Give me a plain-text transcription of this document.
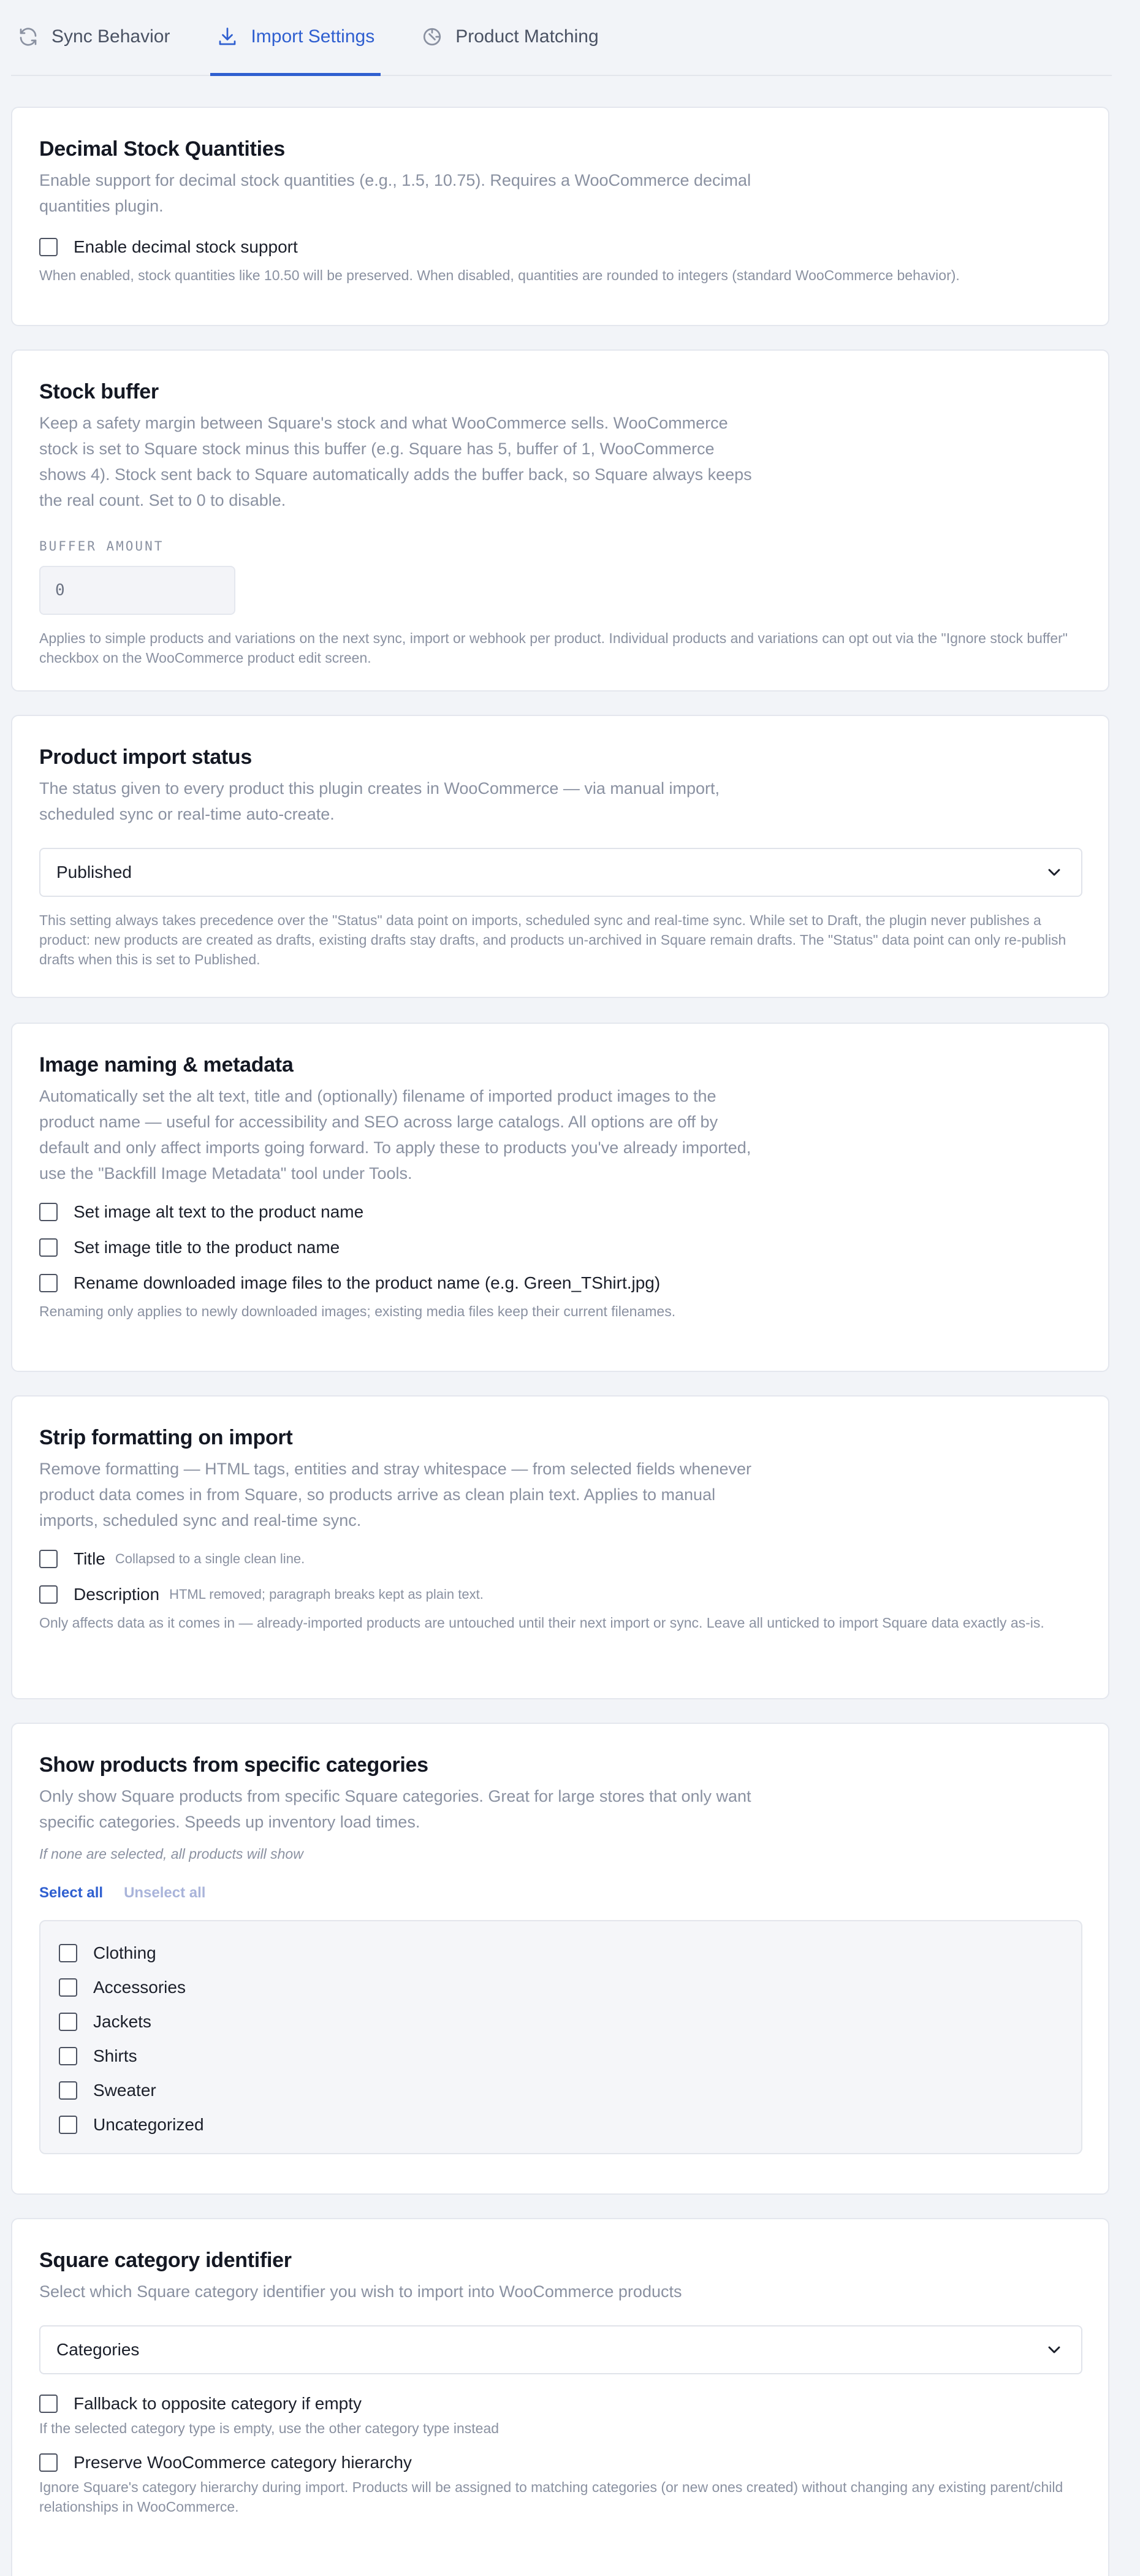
Sync Behavior	Import Settings	Product Matching
Decimal Stock Quantities

Enable support for decimal stock quantities (e.g., 1.5, 10.75). Requires a WooCommerce decimal quantities plugin.

Enable decimal stock support

When enabled, stock quantities like 10.50 will be preserved. When disabled, quantities are rounded to integers (standard WooCommerce behavior).

Stock buffer

Keep a safety margin between Square's stock and what WooCommerce sells. WooCommerce stock is set to Square stock minus this buffer (e.g. Square has 5, buffer of 1, WooCommerce shows 4). Stock sent back to Square automatically adds the buffer back, so Square always keeps the real count. Set to 0 to disable.

BUFFER AMOUNT

0

Applies to simple products and variations on the next sync, import or webhook per product. Individual products and variations can opt out via the "Ignore stock buffer" checkbox on the WooCommerce product edit screen.

Product import status

The status given to every product this plugin creates in WooCommerce — via manual import, scheduled sync or real-time auto-create.

Published

This setting always takes precedence over the "Status" data point on imports, scheduled sync and real-time sync. While set to Draft, the plugin never publishes a product: new products are created as drafts, existing drafts stay drafts, and products un-archived in Square remain drafts. The "Status" data point can only re-publish drafts when this is set to Published.

Image naming & metadata

Automatically set the alt text, title and (optionally) filename of imported product images to the product name — useful for accessibility and SEO across large catalogs. All options are off by default and only affect imports going forward. To apply these to products you've already imported, use the "Backfill Image Metadata" tool under Tools.

Set image alt text to the product name
Set image title to the product name
Rename downloaded image files to the product name (e.g. Green_TShirt.jpg)

Renaming only applies to newly downloaded images; existing media files keep their current filenames.

Strip formatting on import

Remove formatting — HTML tags, entities and stray whitespace — from selected fields whenever product data comes in from Square, so products arrive as clean plain text. Applies to manual imports, scheduled sync and real-time sync.

Title Collapsed to a single clean line.
Description HTML removed; paragraph breaks kept as plain text.

Only affects data as it comes in — already-imported products are untouched until their next import or sync. Leave all unticked to import Square data exactly as-is.

Show products from specific categories

Only show Square products from specific Square categories. Great for large stores that only want specific categories. Speeds up inventory load times.

If none are selected, all products will show

Select all Unselect all
Clothing
Accessories
Jackets
Shirts
Sweater
Uncategorized
Square category identifier

Select which Square category identifier you wish to import into WooCommerce products

Categories
Fallback to opposite category if empty

If the selected category type is empty, use the other category type instead

Preserve WooCommerce category hierarchy

Ignore Square's category hierarchy during import. Products will be assigned to matching categories (or new ones created) without changing any existing parent/child relationships in WooCommerce.
